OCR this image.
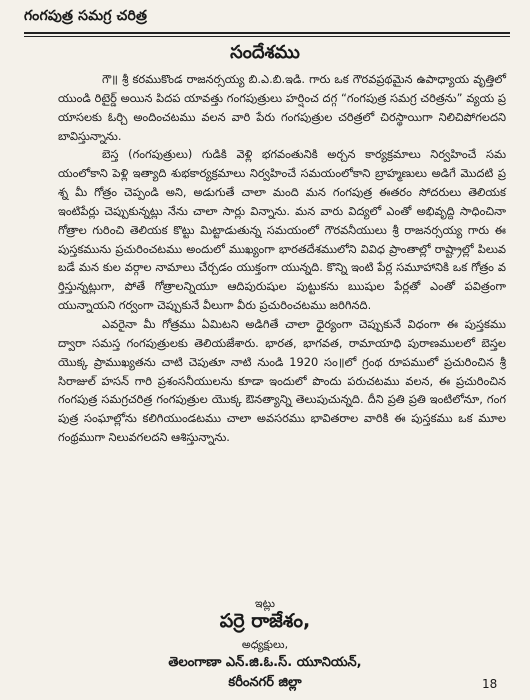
గంగపుత్ర సమగ్ర చరిత్ర
సందేశము

గౌ॥ శ్రీ కరముకొండ రాజనర్సయ్య బి.ఎ.బి.ఇడి. గారు ఒక గౌరవప్రథమైన ఉపాధ్యాయ వృత్తిలో యుండి రిటైర్డ్ అయిన పిదప యావత్తు గంగపుత్రులు హర్షించ దగ్గ “గంగపుత్ర సమగ్ర చరిత్రను” వ్యయ ప్రయాసలకు ఓర్చి అందించటము వలన వారి పేరు గంగపుత్రుల చరిత్రలో చిరస్థాయిగా నిలిచిపోగలదని బావిస్తున్నాను.

బెస్త (గంగపుత్రులు) గుడికి వెళ్లి భగవంతునికి అర్చన కార్యక్రమాలు నిర్వహించే సమయంలోకాని పెళ్లి ఇత్యాది శుభకార్యక్రమాలు నిర్వహించే సమయంలోకాని బ్రాహ్మణులు అడిగే మొదటి ప్రశ్న మీ గోత్రం చెప్పండి అని, అడుగుతే చాలా మంది మన గంగపుత్ర ఈతరం సోదరులు తెలియక ఇంటిపేర్లు చెప్పుకున్నట్లు నేను చాలా సార్లు విన్నాను. మన వారు విద్యలో ఎంతో అభివృద్ది సాధించినా గోత్రాల గురించి తెలియక కొట్టు మిట్టాడుతున్న సమయంలో గౌరవనీయులు శ్రీ రాజనర్సయ్య గారు ఈ పుస్తకమును ప్రచురించటము అందులో ముఖ్యంగా భారతదేశములోని వివిధ ప్రాంతాల్లో రాష్ట్రాల్లో పిలువబడే మన కుల వర్గాల నామాలు చేర్చడం యుక్తంగా యున్నది. కొన్ని ఇంటి పేర్ల సమూహానికి ఒక గోత్రం వర్తిస్తున్నట్లుగా, పోతే గోత్రాలన్నియూ ఆదిపురుషుల పుట్టుకను ఋషుల పేర్లతో ఎంతో పవిత్రంగా యున్నాయని గర్వంగా చెప్పుకునే వీలుగా వీరు ప్రచురించటము జరిగినది.

ఎవరైనా మీ గోత్రము ఏమిటని అడిగితే చాలా ధైర్యంగా చెప్పుకునే విధంగా ఈ పుస్తకము ద్వారా సమస్త గంగపుత్రులకు తెలియజేశారు. భారత, భాగవత, రామాయాధి పురాణములలో బెస్తల యొక్క ప్రాముఖ్యతను చాటి చెపుతూ నాటి నుండి 1920 సం॥లో గ్రంథ రూపములో ప్రచురించిన శ్రీ సిరాజుల్ హసన్ గారి ప్రశంసనీయులను కూడా ఇందులో పొందు పరుచటము వలన, ఈ ప్రచురించిన గంగపుత్ర సమగ్రచరిత్ర గంగపుత్రుల యొక్క ఔనత్యాన్ని తెలుపుచున్నది. దీని ప్రతి ప్రతి ఇంటిలోనూ, గంగపుత్ర సంఘాల్లోను కలిగియుండటము చాలా అవసరము భావితరాల వారికి ఈ పుస్తకము ఒక మూల గంథ్రముగా నిలువగలదని ఆశిస్తున్నాను.

ఇట్లు
పర్రె రాజేశం,
అధ్యక్షులు,
తెలంగాణా ఎన్.జి.ఓ.స్. యూనియన్,
కరీంనగర్ జిల్లా	18
